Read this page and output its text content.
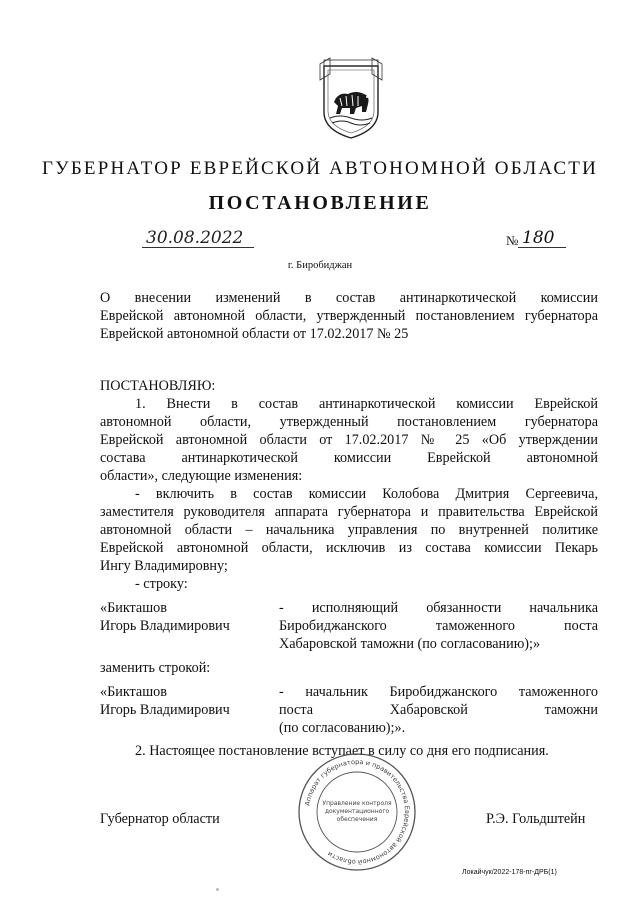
ГУБЕРНАТОР ЕВРЕЙСКОЙ АВТОНОМНОЙ ОБЛАСТИ
ПОСТАНОВЛЕНИЕ
30.08.2022	№ 180
г. Биробиджан
О внесении изменений в состав антинаркотической комиссии
Еврейской автономной области, утвержденный постановлением губернатора
Еврейской автономной области от 17.02.2017 № 25
ПОСТАНОВЛЯЮ:
1. Внести в состав антинаркотической комиссии Еврейской
автономной области, утвержденный постановлением губернатора
Еврейской автономной области от 17.02.2017 № 25 «Об утверждении
состава антинаркотической комиссии Еврейской автономной
области», следующие изменения:
- включить в состав комиссии Колобова Дмитрия Сергеевича,
заместителя руководителя аппарата губернатора и правительства Еврейской
автономной области – начальника управления по внутренней политике
Еврейской автономной области, исключив из состава комиссии Пекарь
Ингу Владимировну;
- строку:
«Бикташов
Игорь Владимирович
- исполняющий обязанности начальника
Биробиджанского таможенного поста
Хабаровской таможни (по согласованию);»
заменить строкой:
«Бикташов
Игорь Владимирович
- начальник Биробиджанского таможенного
поста Хабаровской таможни
(по согласованию);».
2. Настоящее постановление вступает в силу со дня его подписания.
Губернатор области	Р.Э. Гольдштейн
Аппарат губернатора и правительства Еврейской автономной области
Управление контроля
документационного
обеспечения
Локайчук/2022-178-пг-ДРБ(1)
